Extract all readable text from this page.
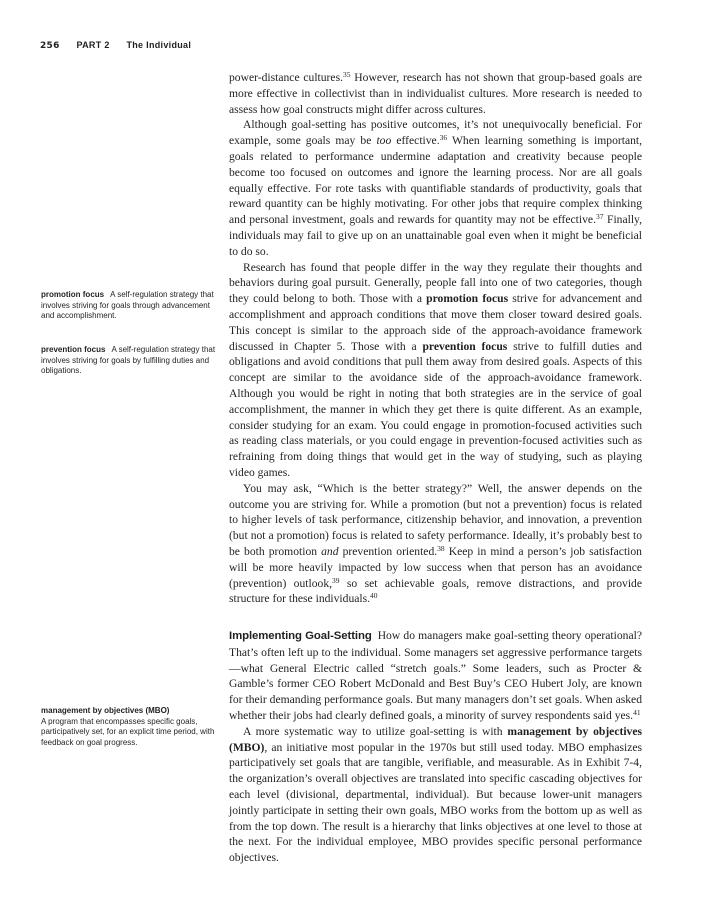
256 PART 2 The Individual
promotion focus A self-regulation strategy that involves striving for goals through advancement and accomplishment.
prevention focus A self-regulation strategy that involves striving for goals by fulfilling duties and obligations.
management by objectives (MBO)
A program that encompasses specific goals, participatively set, for an explicit time period, with feedback on goal progress.

power-distance cultures.$^{35}$ However, research has not shown that group-based goals are more effective in collectivist than in individualist cultures. More research is needed to assess how goal constructs might differ across cultures.

Although goal-setting has positive outcomes, it’s not unequivocally beneficial. For example, some goals may be too effective.$^{36}$ When learning something is important, goals related to performance undermine adaptation and creativity because people become too focused on outcomes and ignore the learning process. Nor are all goals equally effective. For rote tasks with quantifiable standards of productivity, goals that reward quantity can be highly motivating. For other jobs that require complex thinking and personal investment, goals and rewards for quantity may not be effective.$^{37}$ Finally, individuals may fail to give up on an unattainable goal even when it might be beneficial to do so.

Research has found that people differ in the way they regulate their thoughts and behaviors during goal pursuit. Generally, people fall into one of two categories, though they could belong to both. Those with a promotion focus strive for advancement and accomplishment and approach conditions that move them closer toward desired goals. This concept is similar to the approach side of the approach-avoidance framework discussed in Chapter 5. Those with a prevention focus strive to fulfill duties and obligations and avoid conditions that pull them away from desired goals. Aspects of this concept are similar to the avoidance side of the approach-avoidance framework. Although you would be right in noting that both strategies are in the service of goal accomplishment, the manner in which they get there is quite different. As an example, consider studying for an exam. You could engage in promotion-focused activities such as reading class materials, or you could engage in prevention-focused activities such as refraining from doing things that would get in the way of studying, such as playing video games.

You may ask, “Which is the better strategy?” Well, the answer depends on the outcome you are striving for. While a promotion (but not a prevention) focus is related to higher levels of task performance, citizenship behavior, and innovation, a prevention (but not a promotion) focus is related to safety performance. Ideally, it’s probably best to be both promotion and prevention oriented.$^{38}$ Keep in mind a person’s job satisfaction will be more heavily impacted by low success when that person has an avoidance (prevention) outlook,$^{39}$ so set achievable goals, remove distractions, and provide structure for these individuals.$^{40}$

Implementing Goal-Setting How do managers make goal-setting theory operational? That’s often left up to the individual. Some managers set aggressive performance targets—what General Electric called “stretch goals.” Some leaders, such as Procter & Gamble’s former CEO Robert McDonald and Best Buy’s CEO Hubert Joly, are known for their demanding performance goals. But many managers don’t set goals. When asked whether their jobs had clearly defined goals, a minority of survey respondents said yes.$^{41}$

A more systematic way to utilize goal-setting is with management by objectives (MBO), an initiative most popular in the 1970s but still used today. MBO emphasizes participatively set goals that are tangible, verifiable, and measurable. As in Exhibit 7-4, the organization’s overall objectives are translated into specific cascading objectives for each level (divisional, departmental, individual). But because lower-unit managers jointly participate in setting their own goals, MBO works from the bottom up as well as from the top down. The result is a hierarchy that links objectives at one level to those at the next. For the individual employee, MBO provides specific personal performance objectives.
